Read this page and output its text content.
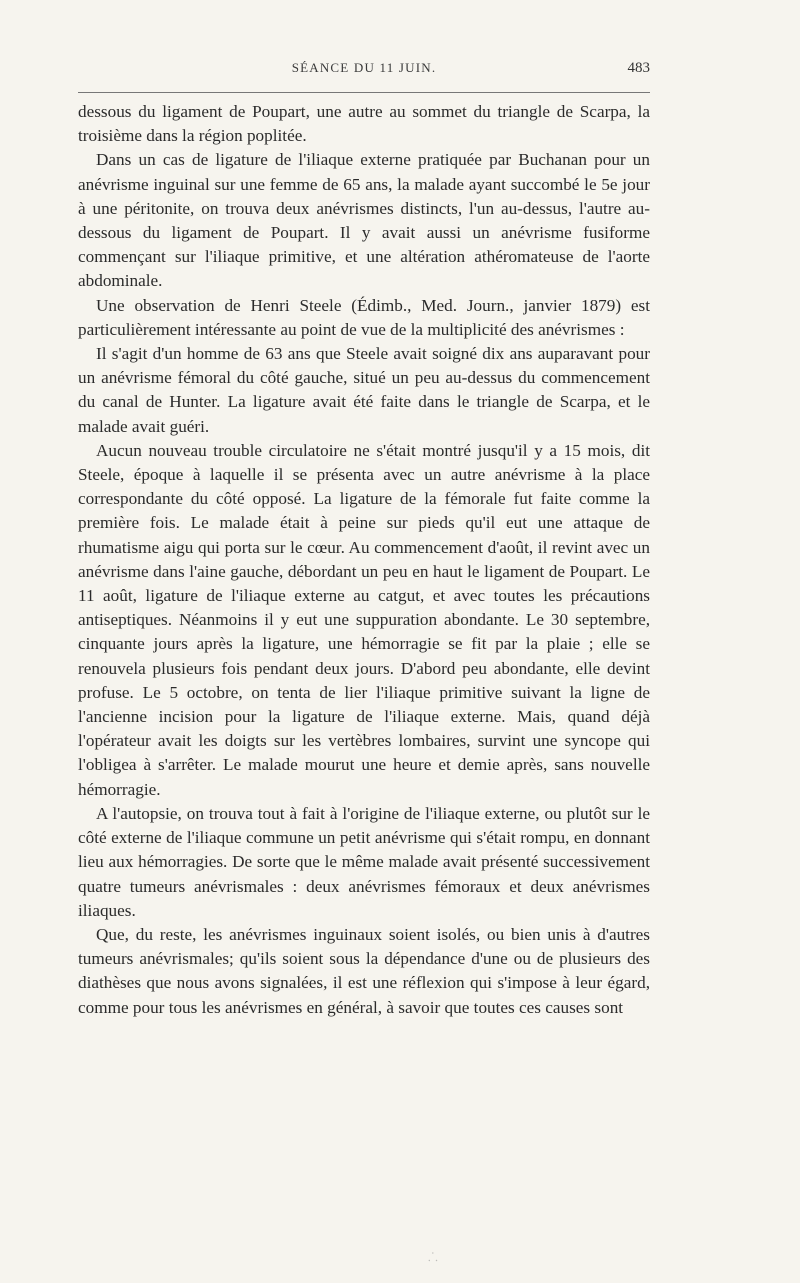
SÉANCE DU 11 JUIN.	483

dessous du ligament de Poupart, une autre au sommet du triangle de Scarpa, la troisième dans la région poplitée.

Dans un cas de ligature de l'iliaque externe pratiquée par Buchanan pour un anévrisme inguinal sur une femme de 65 ans, la malade ayant succombé le 5e jour à une péritonite, on trouva deux anévrismes distincts, l'un au-dessus, l'autre au-dessous du ligament de Poupart. Il y avait aussi un anévrisme fusiforme commençant sur l'iliaque primitive, et une altération athéromateuse de l'aorte abdominale.

Une observation de Henri Steele (Édimb., Med. Journ., janvier 1879) est particulièrement intéressante au point de vue de la multiplicité des anévrismes :

Il s'agit d'un homme de 63 ans que Steele avait soigné dix ans auparavant pour un anévrisme fémoral du côté gauche, situé un peu au-dessus du commencement du canal de Hunter. La ligature avait été faite dans le triangle de Scarpa, et le malade avait guéri.

Aucun nouveau trouble circulatoire ne s'était montré jusqu'il y a 15 mois, dit Steele, époque à laquelle il se présenta avec un autre anévrisme à la place correspondante du côté opposé. La ligature de la fémorale fut faite comme la première fois. Le malade était à peine sur pieds qu'il eut une attaque de rhumatisme aigu qui porta sur le cœur. Au commencement d'août, il revint avec un anévrisme dans l'aine gauche, débordant un peu en haut le ligament de Poupart. Le 11 août, ligature de l'iliaque externe au catgut, et avec toutes les précautions antiseptiques. Néanmoins il y eut une suppuration abondante. Le 30 septembre, cinquante jours après la ligature, une hémorragie se fit par la plaie ; elle se renouvela plusieurs fois pendant deux jours. D'abord peu abondante, elle devint profuse. Le 5 octobre, on tenta de lier l'iliaque primitive suivant la ligne de l'ancienne incision pour la ligature de l'iliaque externe. Mais, quand déjà l'opérateur avait les doigts sur les vertèbres lombaires, survint une syncope qui l'obligea à s'arrêter. Le malade mourut une heure et demie après, sans nouvelle hémorragie.

A l'autopsie, on trouva tout à fait à l'origine de l'iliaque externe, ou plutôt sur le côté externe de l'iliaque commune un petit anévrisme qui s'était rompu, en donnant lieu aux hémorragies. De sorte que le même malade avait présenté successivement quatre tumeurs anévrismales : deux anévrismes fémoraux et deux anévrismes iliaques.

Que, du reste, les anévrismes inguinaux soient isolés, ou bien unis à d'autres tumeurs anévrismales; qu'ils soient sous la dépendance d'une ou de plusieurs des diathèses que nous avons signalées, il est une réflexion qui s'impose à leur égard, comme pour tous les anévrismes en général, à savoir que toutes ces causes sont

⸫
